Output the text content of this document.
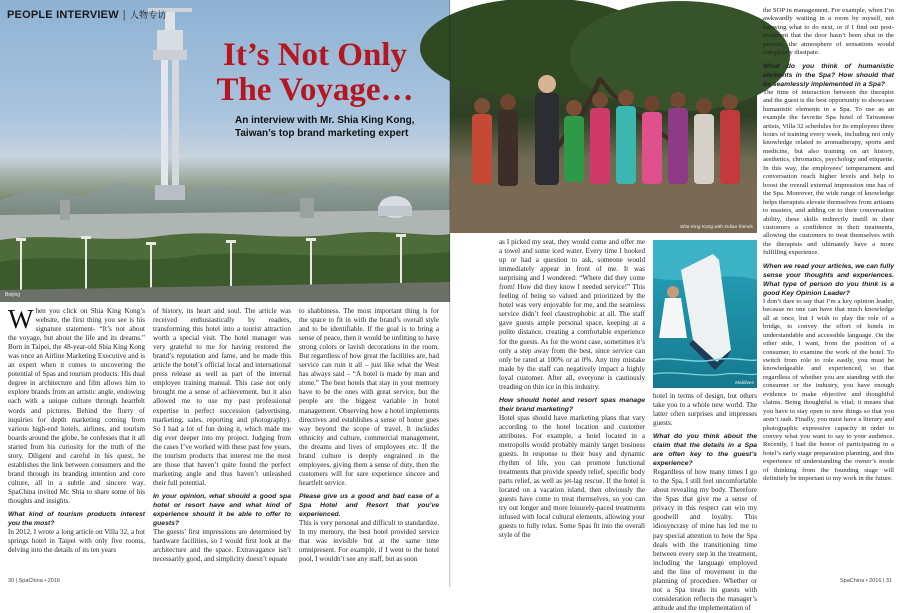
PEOPLE INTERVIEW | 人物专访
It’s Not Only
The Voyage…
An interview with Mr. Shia King Kong, Taiwan’s top brand marketing expert
Beijing

When you click on Shia King Kong’s website, the first thing you see is his signature statement- “It’s not about the voyage, but about the life and its dreams.” Born in Taipei, the 48-year-old Shia King Kong was once an Airline Marketing Executive and is an expert when it comes to uncovering the potential of Spas and tourism products. His dual degree in architecture and film allows him to explore brands from an artistic angle, endowing each with a unique culture through heartfelt words and pictures. Behind the flurry of inquiries for depth marketing coming from various high-end hotels, airlines, and tourism boards around the globe, he confesses that it all started from his curiosity for the truth of the story. Diligent and careful in his quest, he establishes the link between consumers and the brand through its branding intention and core culture, all in a subtle and sincere way. SpaChina invited Mr. Shia to share some of his thoughts and insights.

What kind of tourism products interest you the most?

In 2012, I wrote a long article on Villa 32, a hot springs hotel in Taipei with only five rooms, delving into the details of its ten years

of history, its heart and soul. The article was received enthusiastically by readers, transforming this hotel into a tourist attraction worth a special visit. The hotel manager was very grateful to me for having restored the brand’s reputation and fame, and he made this article the hotel’s official local and international press release as well as part of the internal employee training manual. This case not only brought me a sense of achievement, but it also allowed me to use my past professional expertise in perfect succession (advertising, marketing, sales, reporting and photography). So I had a lot of fun doing it, which made me dig ever deeper into my project. Judging from the cases I’ve worked with these past few years, the tourism products that interest me the most are those that haven’t quite found the perfect marketing angle and thus haven’t unleashed their full potential.

In your opinion, what should a good spa hotel or resort have and what kind of experience should it be able to offer to guests?

The guests’ first impressions are determined by hardware facilities, so I would first look at the architecture and the space. Extravagance isn’t necessarily good, and simplicity doesn’t equate

to shabbiness. The most important thing is for the space to fit in with the brand’s overall style and to be identifiable. If the goal is to bring a sense of peace, then it would be unfitting to have strong colors or lavish decorations in the room. But regardless of how great the facilities are, bad service can ruin it all – just like what the West has always said – “A hotel is made by man and stone.” The best hotels that stay in your memory have to be the ones with great service, but the people are the biggest variable in hotel management. Observing how a hotel implements directives and establishes a sense of honor goes way beyond the scope of travel. It includes ethnicity and culture, commercial management, the dreams and lives of employees etc. If the brand culture is deeply engrained in the employees, giving them a sense of duty, then the customers will for sure experience sincere and heartfelt service.

Please give us a good and bad case of a Spa Hotel and Resort that you’ve experienced.

This is very personal and difficult to standardize. In my memory, the best hotel provided service that was invisible but at the same time omnipresent. For example, if I went to the hotel pool, I wouldn’t see any staff, but as soon

30 | SpaChina • 2016
Shia King Kong with Indian friends
Maldives

as I picked my seat, they would come and offer me a towel and some iced water. Every time I hooked up or had a question to ask, someone would immediately appear in front of me. It was surprising and I wondered: “Where did they come from! How did they know I needed service!” This feeling of being so valued and prioritized by the hotel was very enjoyable for me, and the seamless service didn’t feel claustrophobic at all. The staff gave guests ample personal space, keeping at a polite distance, creating a comfortable experience for the guests. As for the worst case, sometimes it’s only a step away from the best, since service can only be rated at 100% or at 0%. Any tiny mistake made by the staff can negatively impact a highly loyal customer. After all, everyone is cautiously treading on thin ice in this industry.

How should hotel and resort spas manage their brand marketing?

Hotel spas should have marketing plans that vary according to the hotel location and customer attributes. For example, a hotel located in a metropolis would probably mainly target business guests. In response to their busy and dynamic rhythm of life, you can promote functional treatments that provide speedy relief, specific body parts relief, as well as jet-lag rescue. If the hotel is located on a vacation island, then obviously the guests have come to treat themselves, so you can try out longer and more leisurely-paced treatments infused with local cultural elements, allowing your guests to fully relax. Some Spas fit into the overall style of the

hotel in terms of design, but others take you to a whole new world. The latter often surprises and impresses guests.

What do you think about the claim that the details in a Spa are often key to the guest’s experience?

Regardless of how many times I go to the Spa, I still feel uncomfortable about revealing my body. Therefore the Spas that give me a sense of privacy in this respect can win my goodwill and loyalty. This idiosyncrasy of mine has led me to pay special attention to how the Spa deals with the transitioning time between every step in the treatment, including the language employed and the line of movement in the planning of procedure. Whether or not a Spa treats its guests with consideration reflects the manager’s attitude and the implementation of

the SOP in management. For example, when I’m awkwardly waiting in a room by myself, not knowing what to do next, or if I find out post-treatment that the door hasn’t been shut in the process, the atmosphere of sensations would completely dissipate.

What do you think of humanistic elements in the Spa? How should that be seamlessly implemented in a Spa?

The time of interaction between the therapist and the guest is the best opportunity to showcase humanistic elements in a Spa. To use as an example the favorite Spa hotel of Taiwanese artists, Villa 32 schedules for its employees three hours of training every week, including not only knowledge related to aromatherapy, sports and medicine, but also training on art history, aesthetics, chromatics, psychology and etiquette. In this way, the employees’ temperament and conversation reach higher levels and help to boost the overall external impression one has of the Spa. Moreover, the wide range of knowledge helps therapists elevate themselves from artisans to masters, and adding on to their conversation ability, these skills indirectly instill in their customers a confidence in their treatments, allowing the customers to treat themselves with the therapists and ultimately have a more fulfilling experience.

When we read your articles, we can fully sense your thoughts and experiences. What type of person do you think is a good Key Opinion Leader?

I don’t dare to say that I’m a key opinion leader, because no one can have that much knowledge all at once, but I wish to play the role of a bridge, to convey the effort of hotels in understandable and accessible language. On the other side, I want, from the position of a consumer, to examine the work of the hotel. To switch from role to role easily, you must be knowledgeable and experienced, so that regardless of whether you are standing with the consumer or the industry, you have enough evidence to make objective and thoughtful claims. Being thoughtful is vital; it means that you have to stay open to new things so that you aren’t rash. Finally, you must have a literary and photographic expressive capacity in order to convey what you want to say to your audience. Recently, I had the honor of participating in a hotel’s early stage preparation planning, and this experience of understanding the owner’s mode of thinking from the founding stage will definitely be important to my work in the future.

SpaChina • 2016 | 31
